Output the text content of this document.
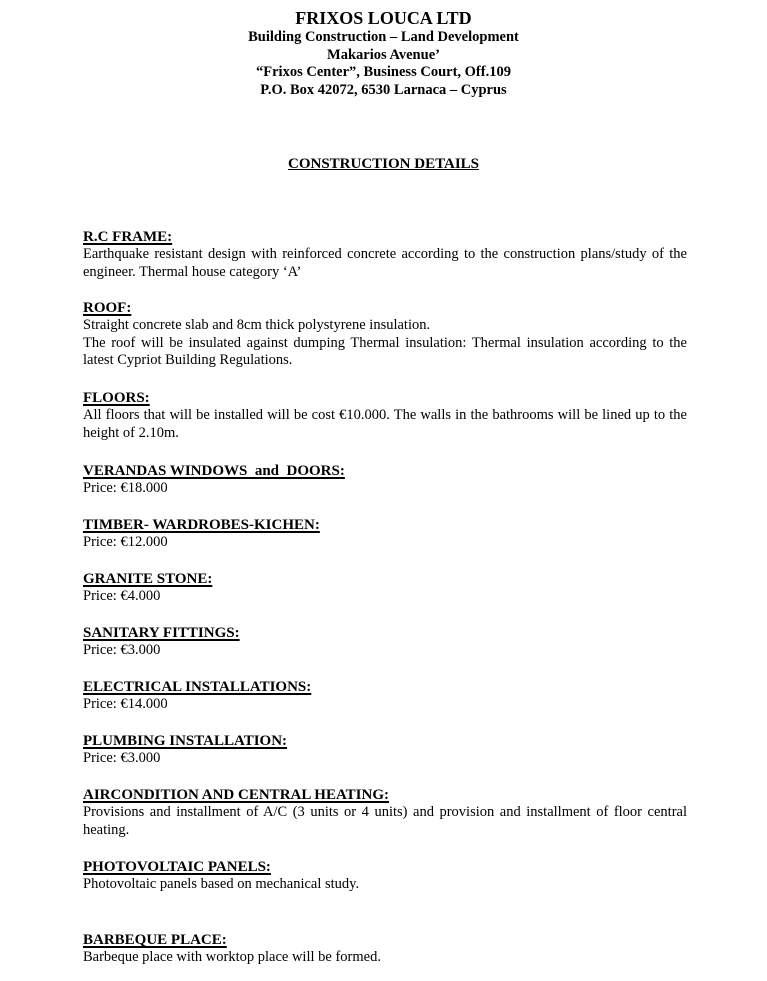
FRIXOS LOUCA LTD
Building Construction – Land Development
Makarios Avenue’
“Frixos Center”, Business Court, Off.109
P.O. Box 42072, 6530 Larnaca – Cyprus
CONSTRUCTION DETAILS
R.C FRAME:

Earthquake resistant design with reinforced concrete according to the construction plans/study of the engineer. Thermal house category ‘A’

ROOF:

Straight concrete slab and 8cm thick polystyrene insulation.

The roof will be insulated against dumping Thermal insulation: Thermal insulation according to the latest Cypriot Building Regulations.

FLOORS:

All floors that will be installed will be cost €10.000. The walls in the bathrooms will be lined up to the height of 2.10m.

VERANDAS WINDOWS  and  DOORS:

Price: €18.000

TIMBER- WARDROBES-KICHEN:

Price: €12.000

GRANITE STONE:

Price: €4.000

SANITARY FITTINGS:

Price: €3.000

ELECTRICAL INSTALLATIONS:

Price: €14.000

PLUMBING INSTALLATION:

Price: €3.000

AIRCONDITION AND CENTRAL HEATING:

Provisions and installment of A/C (3 units or 4 units) and provision and installment of floor central heating.

PHOTOVOLTAIC PANELS:

Photovoltaic panels based on mechanical study.

BARBEQUE PLACE:

Barbeque place with worktop place will be formed.
